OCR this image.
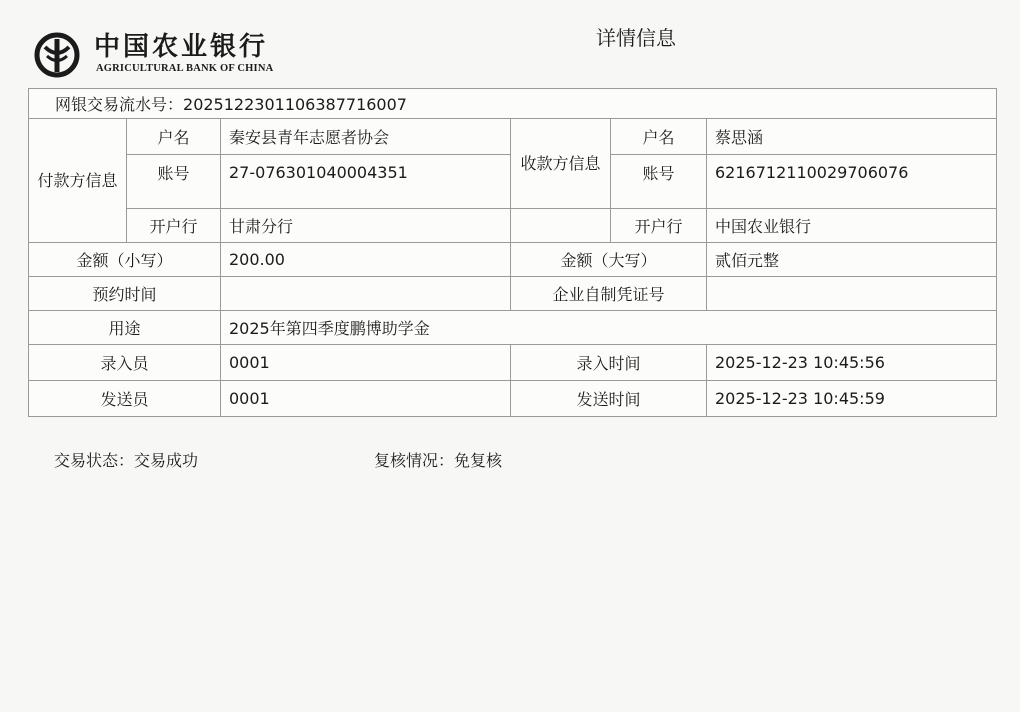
中国农业银行
AGRICULTURAL BANK OF CHINA
详情信息
网银交易流水号：20251223011063877160​07					
付款方信息	户名	秦安县青年志愿者协会	收款方信息	户名	蔡思涵
	账号	27-076301040004351		账号	6216712110029706076
	开户行	甘肃分行		开户行	中国农业银行
金额（小写）		200.00	金额（大写）		贰佰元整
预约时间			企业自制凭证号		
用途		2025年第四季度鹏博助学金			
录入员		0001	录入时间		2025-12-23 10:45:56
发送员		0001	发送时间		2025-12-23 10:45:59
交易状态：交易成功	复核情况：免复核
